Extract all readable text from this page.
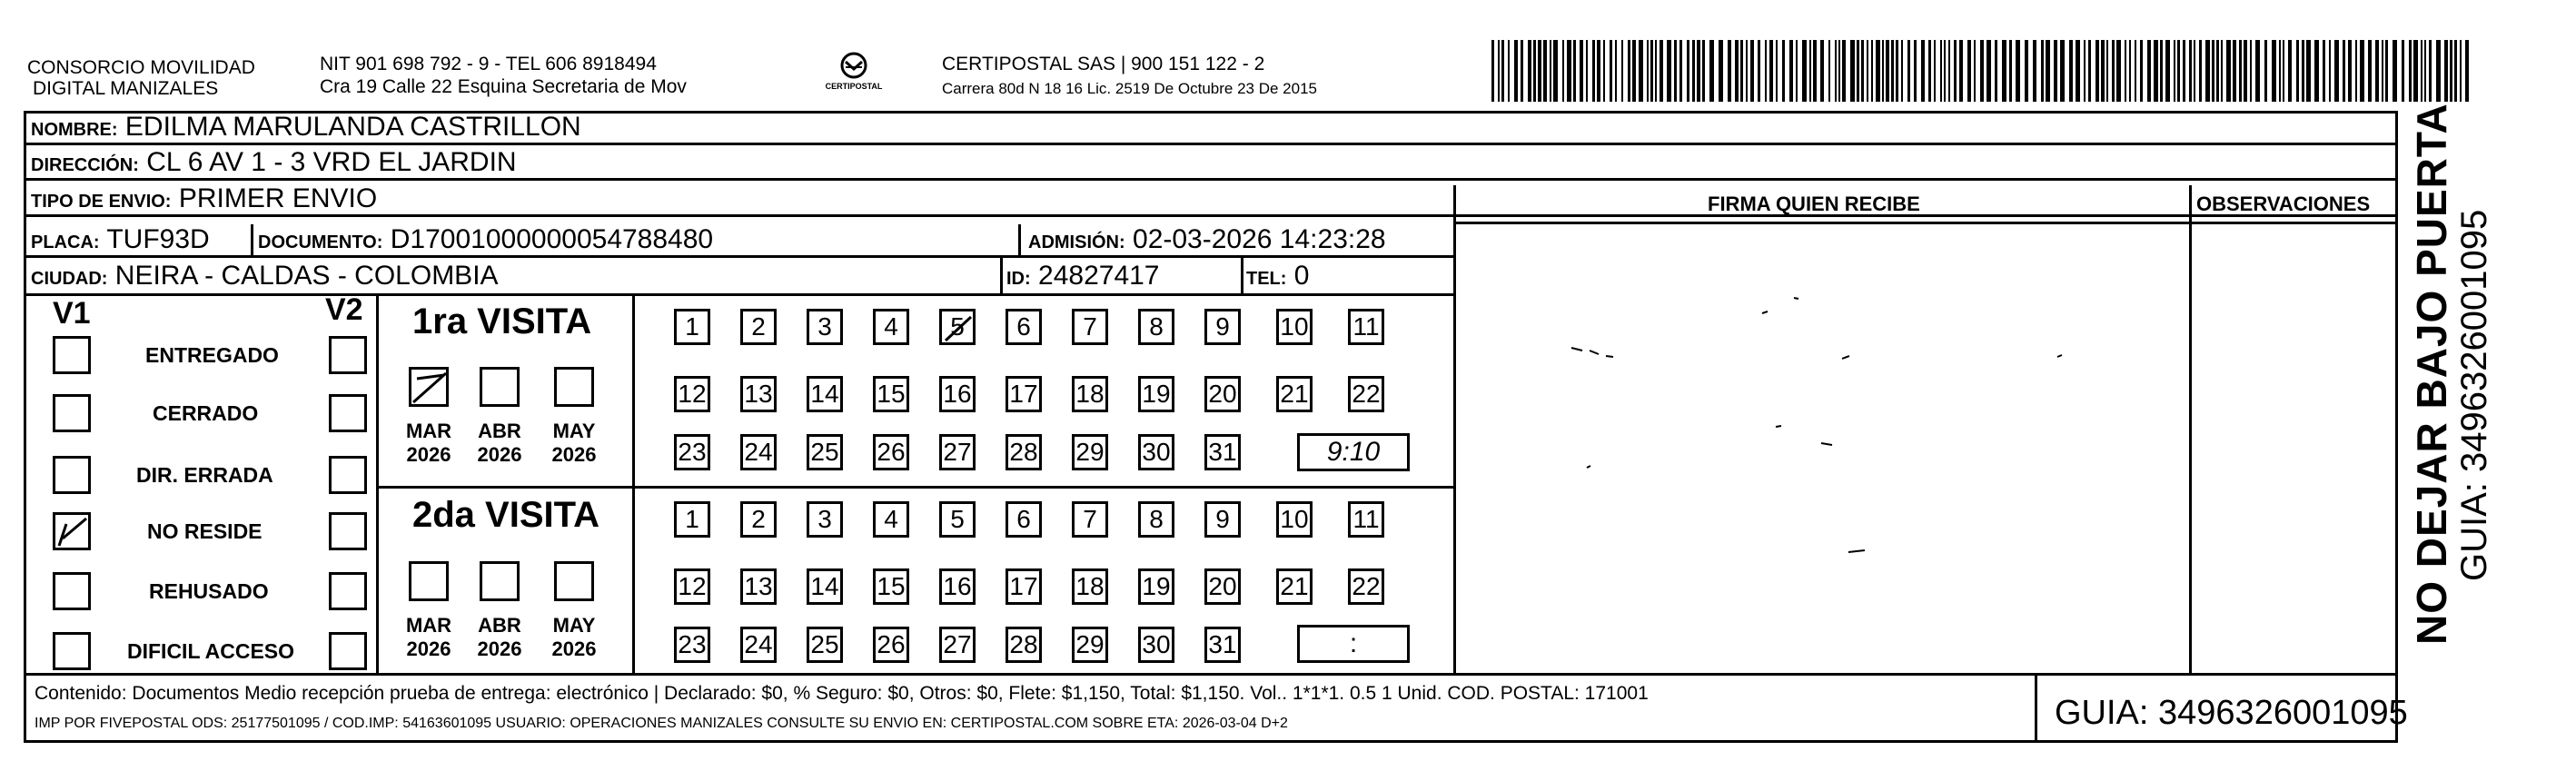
CONSORCIO MOVILIDAD
DIGITAL MANIZALES
NIT 901 698 792 - 9 - TEL 606 8918494
Cra 19 Calle 22 Esquina Secretaria de Mov	CERTIPOSTAL
CERTIPOSTAL SAS | 900 151 122 - 2
Carrera 80d N 18 16 Lic. 2519 De Octubre 23 De 2015
NOMBRE: EDILMA MARULANDA CASTRILLON
DIRECCIÓN: CL 6 AV 1 - 3 VRD EL JARDIN
TIPO DE ENVIO: PRIMER ENVIO	FIRMA QUIEN RECIBE	OBSERVACIONES
PLACA: TUF93D	DOCUMENTO: D17001000000054788480	ADMISIÓN: 02-03-2026 14:23:28
CIUDAD: NEIRA - CALDAS - COLOMBIA	ID: 24827417	TEL: 0
V1	V2
ENTREGADO
CERRADO
DIR. ERRADA
NO RESIDE
REHUSADO
DIFICIL ACCESO
1ra VISITA
2da VISITA
MAR
2026
ABR
2026
MAY
2026
MAR
2026
ABR
2026
MAY
2026
1	2	3	4	5	6	7	8	9	10 11
12 13 14 15 16 17 18 19 20 21 22
23 24 25 26 27 28 29 30 31
1	2	3	4	5	6	7	8	9	10 11
12 13 14 15 16 17 18 19 20 21 22
23 24 25 26 27 28 29 30 31
9:10
:
Contenido: Documentos Medio recepción prueba de entrega: electrónico | Declarado: $0, % Seguro: $0, Otros: $0, Flete: $1,150, Total: $1,150. Vol.. 1*1*1. 0.5 1 Unid. COD. POSTAL: 171001
IMP POR FIVEPOSTAL ODS: 25177501095 / COD.IMP: 54163601095 USUARIO: OPERACIONES MANIZALES CONSULTE SU ENVIO EN: CERTIPOSTAL.COM SOBRE ETA: 2026-03-04 D+2	GUIA: 3496326001095
NO DEJAR BAJO PUERTA GUIA: 3496326001095
